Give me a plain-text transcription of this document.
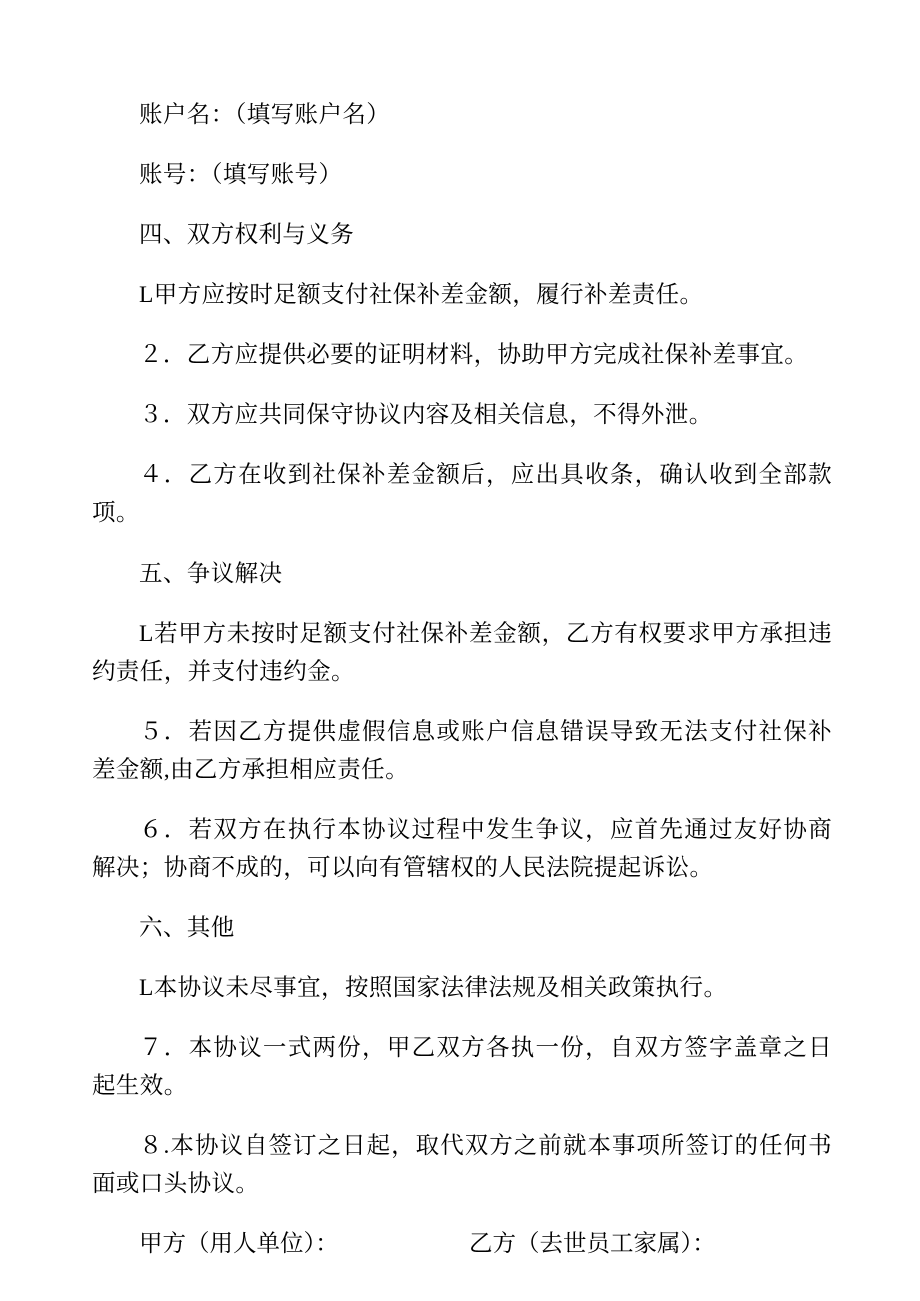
账户名：（填写账户名）

账号：（填写账号）

四、双方权利与义务

L甲方应按时足额支付社保补差金额，履行补差责任。

２．乙方应提供必要的证明材料，协助甲方完成社保补差事宜。

３．双方应共同保守协议内容及相关信息，不得外泄。

４．乙方在收到社保补差金额后，应出具收条，确认收到全部款项。

五、争议解决

L若甲方未按时足额支付社保补差金额，乙方有权要求甲方承担违约责任，并支付违约金。

５．若因乙方提供虚假信息或账户信息错误导致无法支付社保补差金额,由乙方承担相应责任。

６．若双方在执行本协议过程中发生争议，应首先通过友好协商解决；协商不成的，可以向有管辖权的人民法院提起诉讼。

六、其他

L本协议未尽事宜，按照国家法律法规及相关政策执行。

７．本协议一式两份，甲乙双方各执一份，自双方签字盖章之日起生效。

８.本协议自签订之日起，取代双方之前就本事项所签订的任何书面或口头协议。

甲方（用人单位）：	乙方（去世员工家属）：
